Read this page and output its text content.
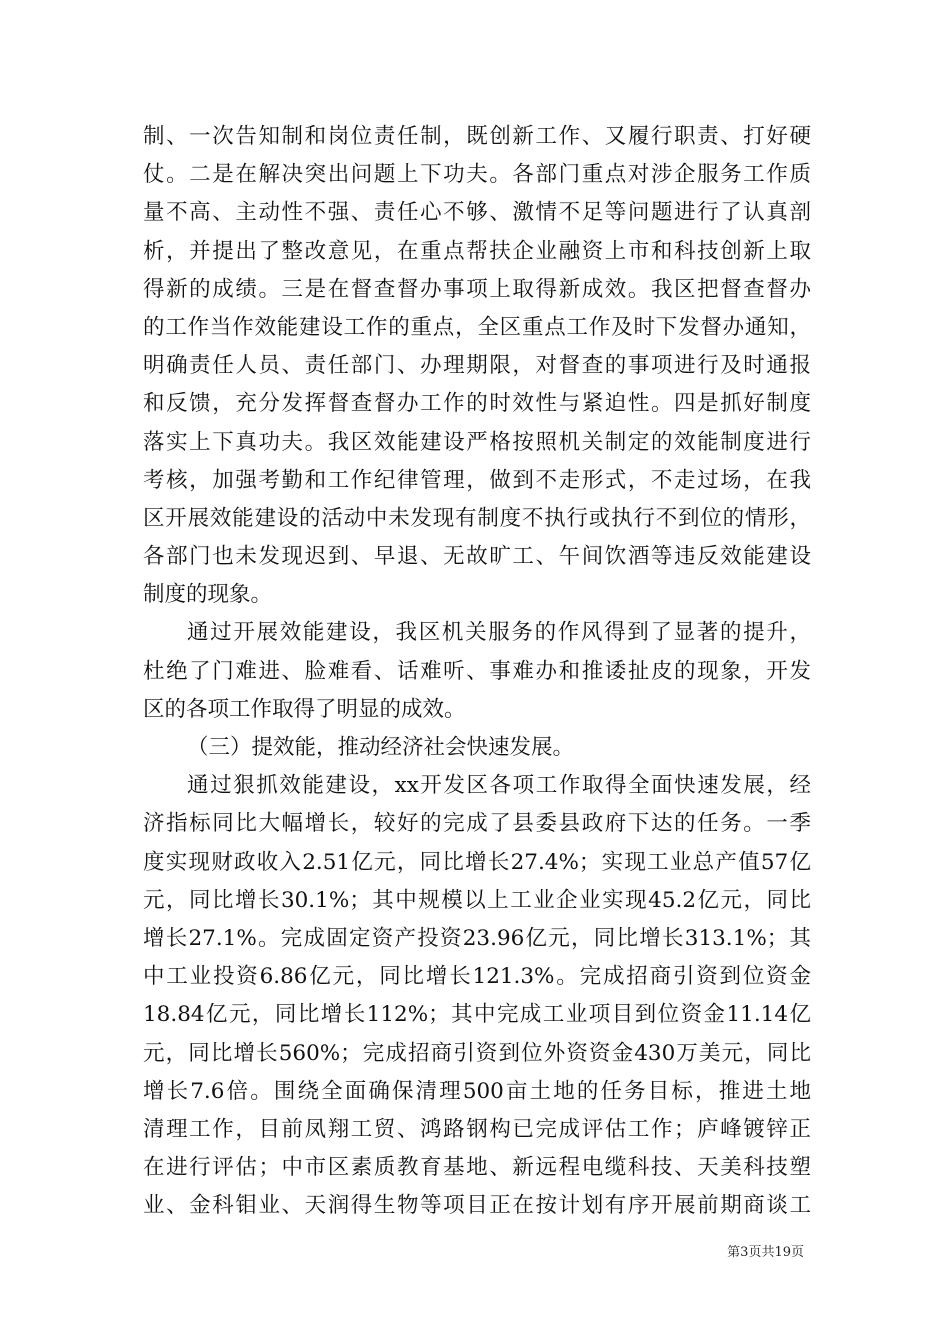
制、一次告知制和岗位责任制，既创新工作、又履行职责、打好硬
仗。二是在解决突出问题上下功夫。各部门重点对涉企服务工作质
量不高、主动性不强、责任心不够、激情不足等问题进行了认真剖
析，并提出了整改意见，在重点帮扶企业融资上市和科技创新上取
得新的成绩。三是在督查督办事项上取得新成效。我区把督查督办
的工作当作效能建设工作的重点，全区重点工作及时下发督办通知，
明确责任人员、责任部门、办理期限，对督查的事项进行及时通报
和反馈，充分发挥督查督办工作的时效性与紧迫性。四是抓好制度
落实上下真功夫。我区效能建设严格按照机关制定的效能制度进行
考核，加强考勤和工作纪律管理，做到不走形式，不走过场，在我
区开展效能建设的活动中未发现有制度不执行或执行不到位的情形，
各部门也未发现迟到、早退、无故旷工、午间饮酒等违反效能建设
制度的现象。
通过开展效能建设，我区机关服务的作风得到了显著的提升，
杜绝了门难进、脸难看、话难听、事难办和推诿扯皮的现象，开发
区的各项工作取得了明显的成效。
（三）提效能，推动经济社会快速发展。
通过狠抓效能建设，xx开发区各项工作取得全面快速发展，经
济指标同比大幅增长，较好的完成了县委县政府下达的任务。一季
度实现财政收入2.51亿元，同比增长27.4%；实现工业总产值57亿
元，同比增长30.1%；其中规模以上工业企业实现45.2亿元，同比
增长27.1%。完成固定资产投资23.96亿元，同比增长313.1%；其
中工业投资6.86亿元，同比增长121.3%。完成招商引资到位资金
18.84亿元，同比增长112%；其中完成工业项目到位资金11.14亿
元，同比增长560%；完成招商引资到位外资资金430万美元，同比
增长7.6倍。围绕全面确保清理500亩土地的任务目标，推进土地
清理工作，目前凤翔工贸、鸿路钢构已完成评估工作；庐峰镀锌正
在进行评估；中市区素质教育基地、新远程电缆科技、天美科技塑
业、金科钼业、天润得生物等项目正在按计划有序开展前期商谈工
第3页共19页
